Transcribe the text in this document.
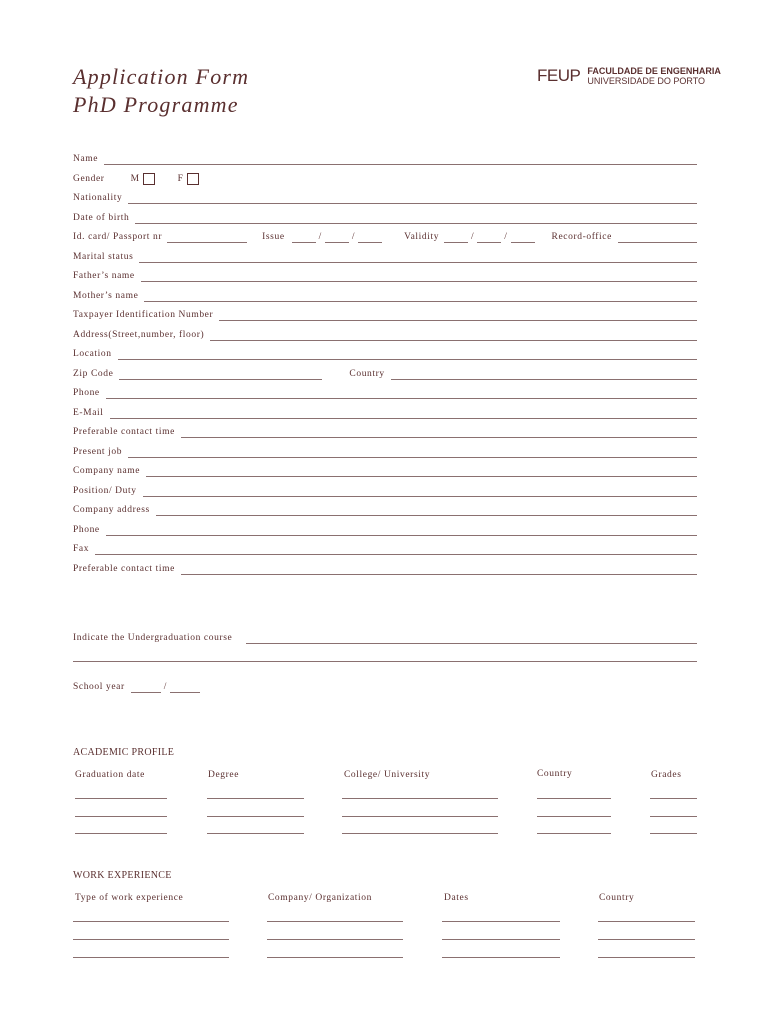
Application Form
PhD Programme
FEUP FACULDADE DE ENGENHARIA
UNIVERSIDADE DO PORTO
Name
Gender	M	F
Nationality
Date of birth
Id. card/ Passport nr	Issue	/	/	Validity	/	/	Record-office
Marital status
Father’s name
Mother’s name
Taxpayer Identification Number
Address(Street,number, floor)
Location
Zip Code	Country
Phone
E-Mail
Preferable contact time
Present job
Company name
Position/ Duty
Company address
Phone
Fax
Preferable contact time
Indicate the Undergraduation course
School year	/
ACADEMIC PROFILE
Graduation date	Degree	College/ University	Country	Grades
WORK EXPERIENCE
Type of work experience	Company/ Organization	Dates	Country
